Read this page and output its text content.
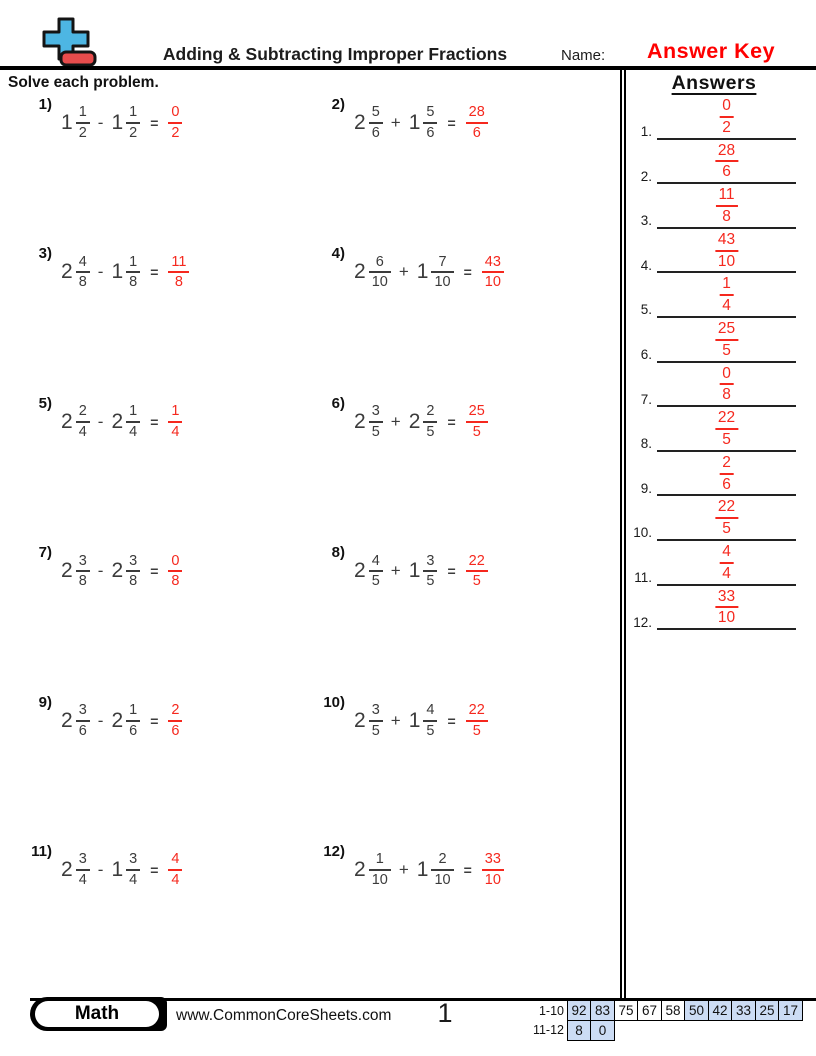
Adding & Subtracting Improper Fractions	Name:	Answer Key
Solve each problem.
1)
$1 \frac{1}{2} - 1 \frac{1}{2} = \frac{0}{2}$	2)
$2 \frac{5}{6} + 1 \frac{5}{6} = \frac{28}{6}$
3)
$2 \frac{4}{8} - 1 \frac{1}{8} = \frac{11}{8}$	4)
$2 \frac{6}{10} + 1 \frac{7}{10} = \frac{43}{10}$
5)
$2 \frac{2}{4} - 2 \frac{1}{4} = \frac{1}{4}$	6)
$2 \frac{3}{5} + 2 \frac{2}{5} = \frac{25}{5}$
7)
$2 \frac{3}{8} - 2 \frac{3}{8} = \frac{0}{8}$	8)
$2 \frac{4}{5} + 1 \frac{3}{5} = \frac{22}{5}$
9)
$2 \frac{3}{6} - 2 \frac{1}{6} = \frac{2}{6}$	10)
$2 \frac{3}{5} + 1 \frac{4}{5} = \frac{22}{5}$
11)
$2 \frac{3}{4} - 1 \frac{3}{4} = \frac{4}{4}$	12)
$2 \frac{1}{10} + 1 \frac{2}{10} = \frac{33}{10}$
Answers
1.	$\frac{0}{2}$
2.	$\frac{28}{6}$
3.	$\frac{11}{8}$
4.	$\frac{43}{10}$
5.	$\frac{1}{4}$
6.	$\frac{25}{5}$
7.	$\frac{0}{8}$
8.	$\frac{22}{5}$
9.	$\frac{2}{6}$
10.	$\frac{22}{5}$
11.	$\frac{4}{4}$
12.	$\frac{33}{10}$
Math	www.CommonCoreSheets.com	1	1-10 92 83 75 67 58 50 42 33 25 17
11-12 8	0
